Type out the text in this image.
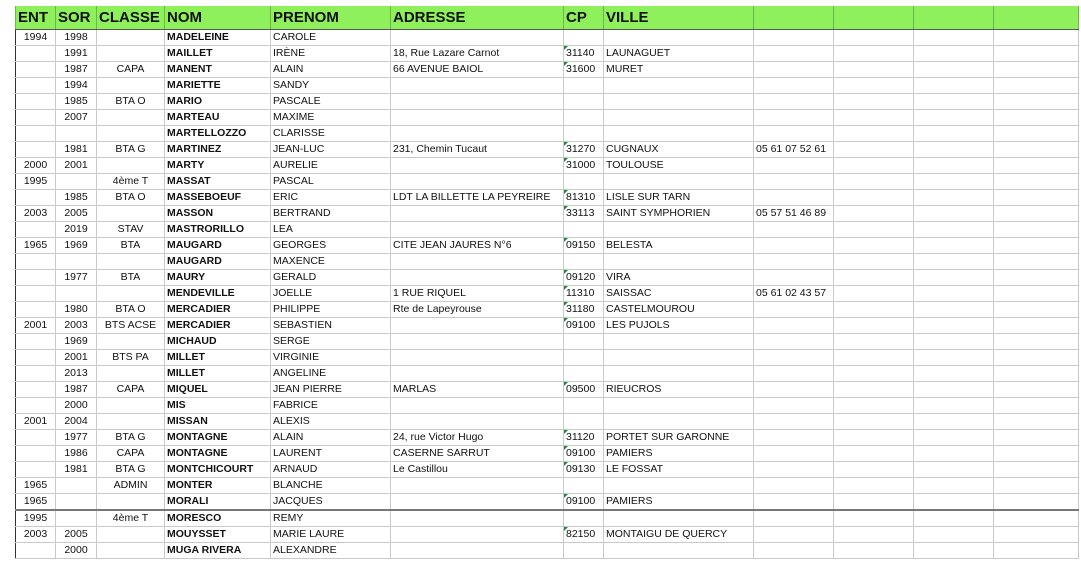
ENT	SOR	CLASSE	NOM	PRENOM	ADRESSE	CP	VILLE				
1994	1998		MADELEINE	CAROLE							
	1991		MAILLET	IRÈNE	18, Rue Lazare Carnot	31140	LAUNAGUET				
	1987	CAPA	MANENT	ALAIN	66 AVENUE BAIOL	31600	MURET				
	1994		MARIETTE	SANDY							
	1985	BTA O	MARIO	PASCALE							
	2007		MARTEAU	MAXIME							
			MARTELLOZZO	CLARISSE							
	1981	BTA G	MARTINEZ	JEAN-LUC	231, Chemin Tucaut	31270	CUGNAUX	05 61 07 52 61			
2000	2001		MARTY	AURELIE		31000	TOULOUSE				
1995		4ème T	MASSAT	PASCAL							
	1985	BTA O	MASSEBOEUF	ERIC	LDT LA BILLETTE LA PEYREIRE	81310	LISLE SUR TARN				
2003	2005		MASSON	BERTRAND		33113	SAINT SYMPHORIEN	05 57 51 46 89			
	2019	STAV	MASTRORILLO	LEA							
1965	1969	BTA	MAUGARD	GEORGES	CITE JEAN JAURES N°6	09150	BELESTA				
			MAUGARD	MAXENCE							
	1977	BTA	MAURY	GERALD		09120	VIRA				
			MENDEVILLE	JOELLE	1 RUE RIQUEL	11310	SAISSAC	05 61 02 43 57			
	1980	BTA O	MERCADIER	PHILIPPE	Rte de Lapeyrouse	31180	CASTELMOUROU				
2001	2003	BTS ACSE	MERCADIER	SEBASTIEN		09100	LES PUJOLS				
	1969		MICHAUD	SERGE							
	2001	BTS PA	MILLET	VIRGINIE							
	2013		MILLET	ANGELINE							
	1987	CAPA	MIQUEL	JEAN PIERRE	MARLAS	09500	RIEUCROS				
	2000		MIS	FABRICE							
2001	2004		MISSAN	ALEXIS							
	1977	BTA G	MONTAGNE	ALAIN	24, rue Victor Hugo	31120	PORTET SUR GARONNE				
	1986	CAPA	MONTAGNE	LAURENT	CASERNE SARRUT	09100	PAMIERS				
	1981	BTA G	MONTCHICOURT	ARNAUD	Le Castillou	09130	LE FOSSAT				
1965		ADMIN	MONTER	BLANCHE							
1965			MORALI	JACQUES		09100	PAMIERS				
1995		4ème T	MORESCO	REMY							
2003	2005		MOUYSSET	MARIE LAURE		82150	MONTAIGU DE QUERCY				
	2000		MUGA RIVERA	ALEXANDRE							
